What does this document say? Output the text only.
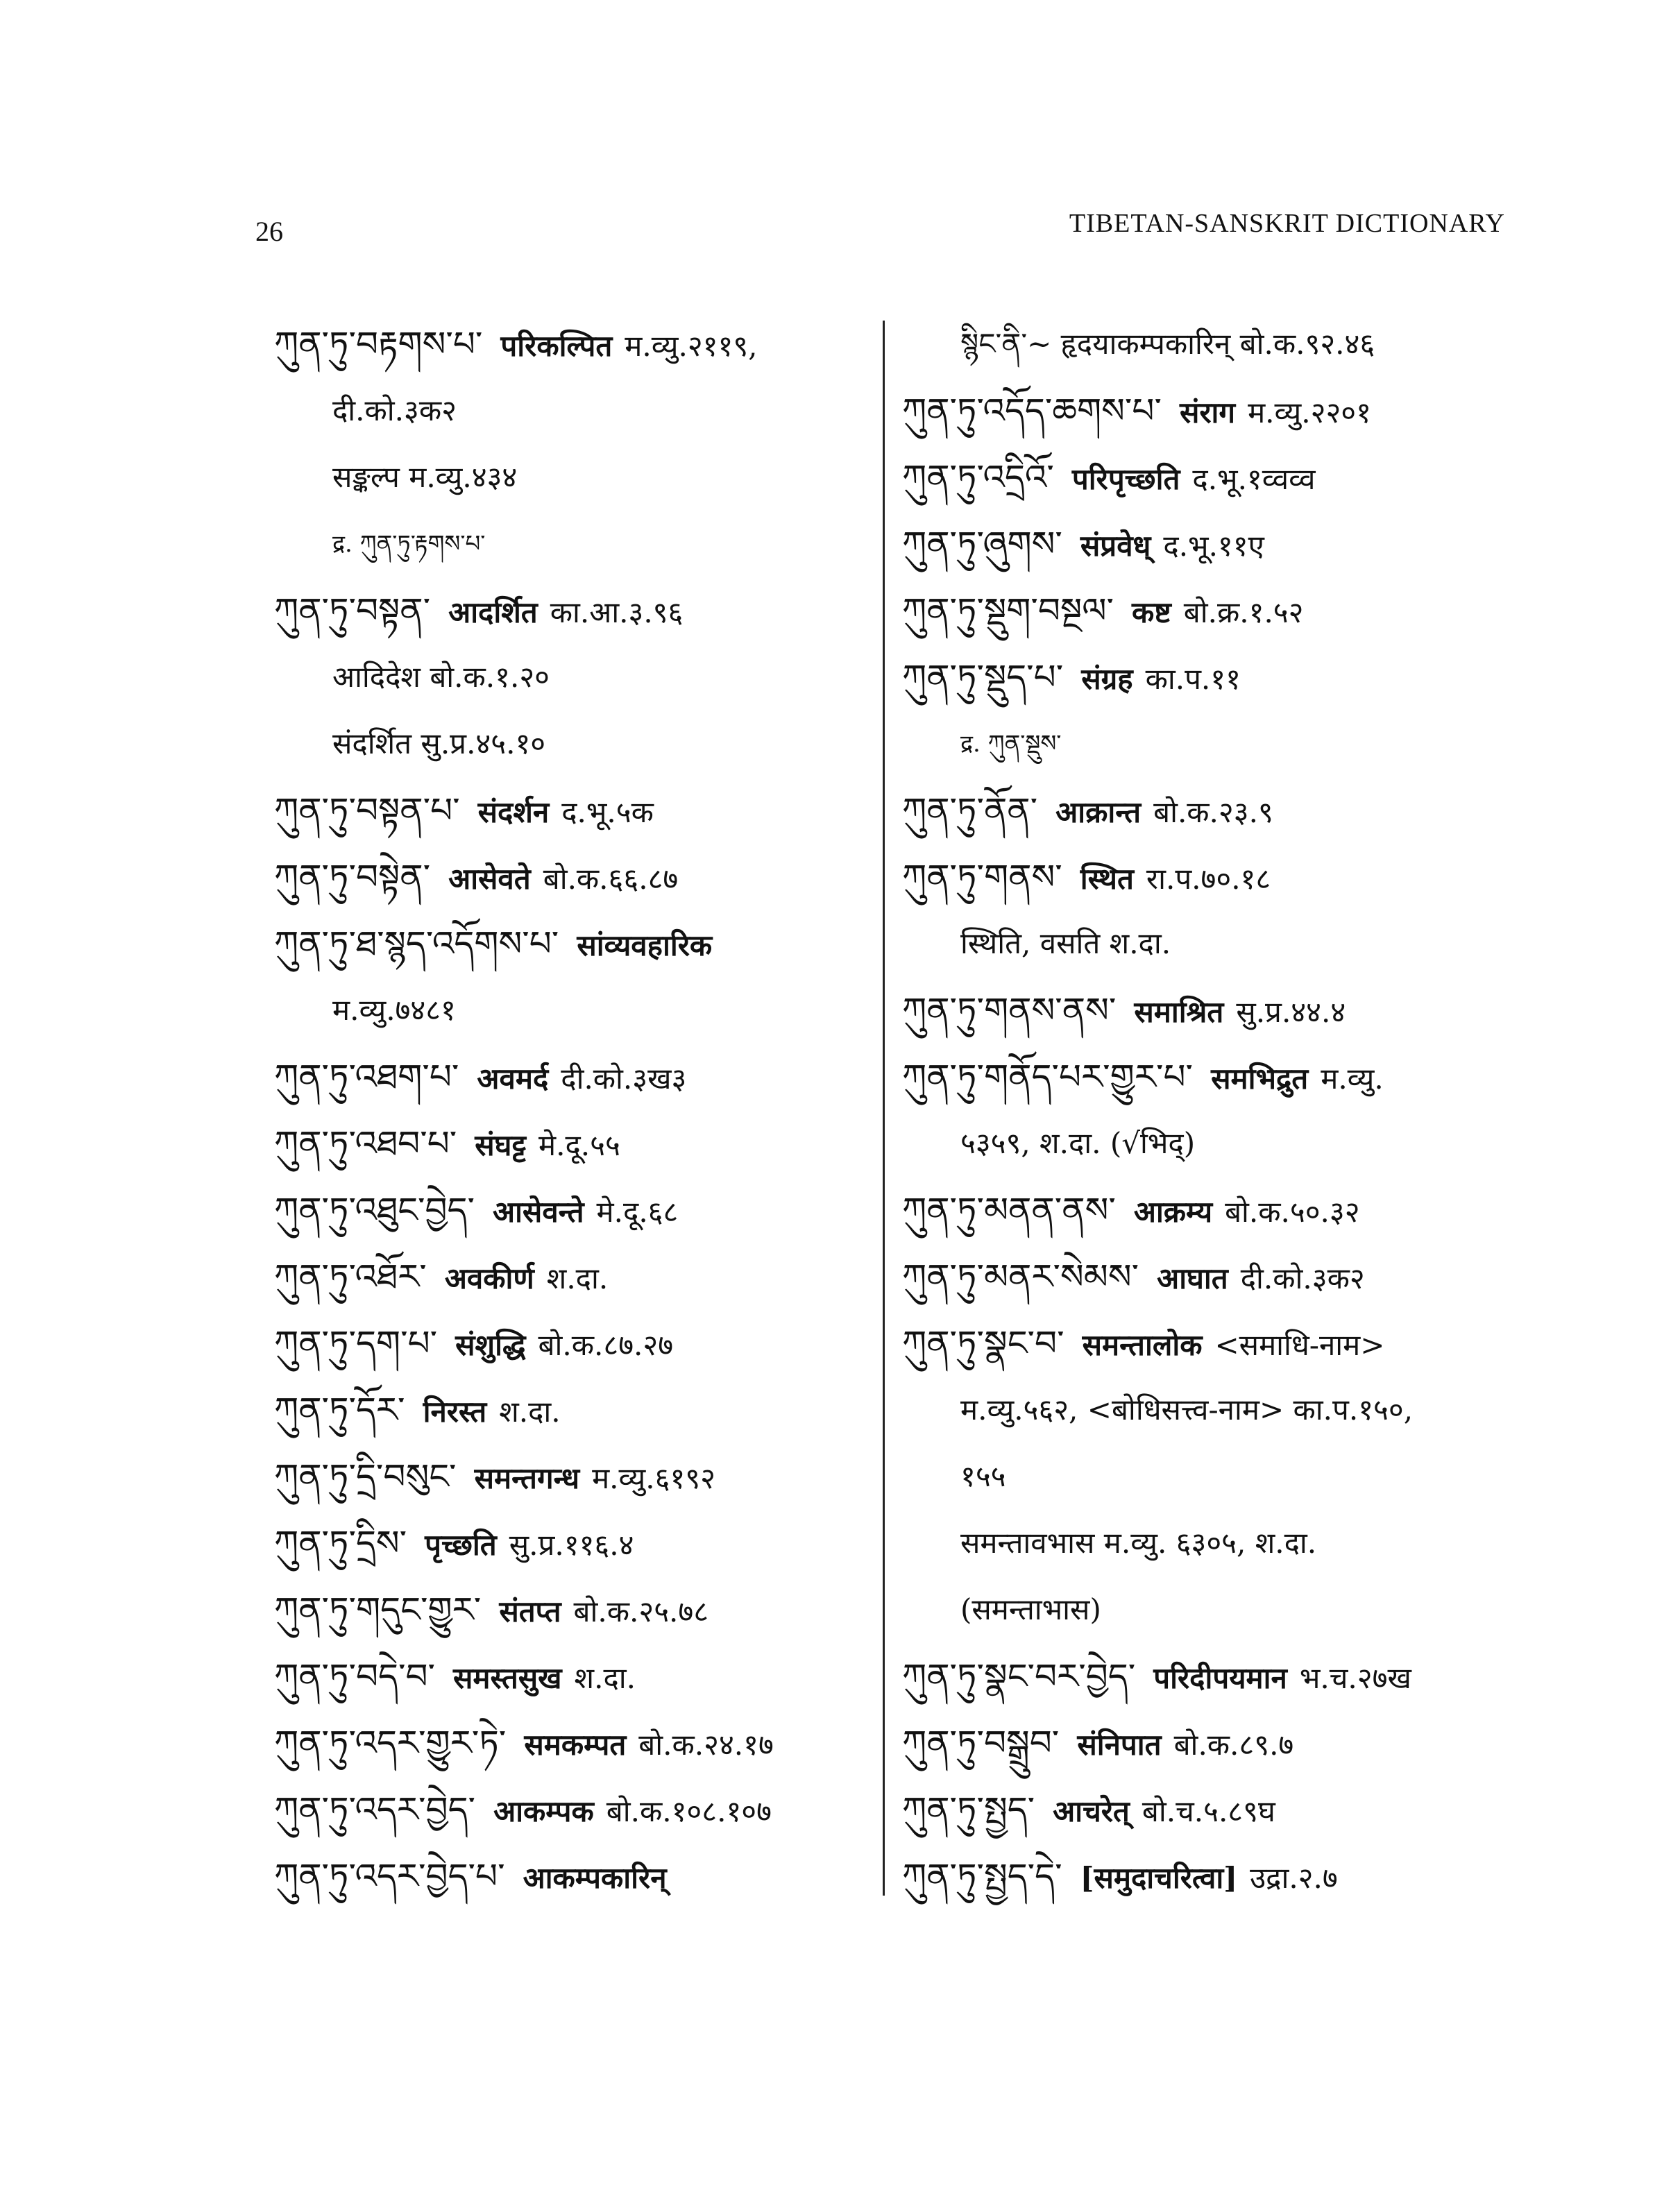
26	TIBETAN-SANSKRIT DICTIONARY
ཀུན་ཏུ་བརྟགས་པ་ परिकल्पित म.व्यु.२११९,
दी.को.३क२
सङ्कल्प म.व्यु.४३४
द्र. ཀུན་ཏུ་རྟགས་པ་
ཀུན་ཏུ་བསྟན་ आदर्शित का.आ.३.९६
आदिदेश बो.क.१.२०
संदर्शित सु.प्र.४५.१०
ཀུན་ཏུ་བསྟན་པ་ संदर्शन द.भू.५क
ཀུན་ཏུ་བསྟེན་ आसेवते बो.क.६६.८७
ཀུན་ཏུ་ཐ་སྙད་འདོགས་པ་ सांव्यवहारिक
म.व्यु.७४८१
ཀུན་ཏུ་འཐག་པ་ अवमर्द दी.को.३ख३
ཀུན་ཏུ་འཐབ་པ་ संघट्ट मे.दू.५५
ཀུན་ཏུ་འཐུང་བྱེད་ आसेवन्ते मे.दू.६८
ཀུན་ཏུ་འཐོར་ अवकीर्ण श.दा.
ཀུན་ཏུ་དག་པ་ संशुद्धि बो.क.८७.२७
ཀུན་ཏུ་དོར་ निरस्त श.दा.
ཀུན་ཏུ་དྲི་བསུང་ समन्तगन्ध म.व्यु.६१९२
ཀུན་ཏུ་དྲིས་ पृच्छति सु.प्र.११६.४
ཀུན་ཏུ་གདུང་གྱུར་ संतप्त बो.क.२५.७८
ཀུན་ཏུ་བདེ་བ་ समस्तसुख श.दा.
ཀུན་ཏུ་འདར་གྱུར་ཏེ་ समकम्पत बो.क.२४.१७
ཀུན་ཏུ་འདར་བྱེད་ आकम्पक बो.क.१०८.१०७
ཀུན་ཏུ་འདར་བྱེད་པ་ आकम्पकारिन्
སྙིང་ནི་~ हृदयाकम्पकारिन् बो.क.९२.४६
ཀུན་ཏུ་འདོད་ཆགས་པ་ संराग म.व्यु.२२०१
ཀུན་ཏུ་འདྲིའོ་ परिपृच्छति द.भू.१व्वव्व
ཀུན་ཏུ་ཞུགས་ संप्रवेध् द.भू.११ए
ཀུན་ཏུ་སྡུག་བསྔལ་ कष्ट बो.क्र.१.५२
ཀུན་ཏུ་སྡུད་པ་ संग्रह का.प.११
द्र. ཀུན་སྡུས་
ཀུན་ཏུ་ནོན་ आक्रान्त बो.क.२३.९
ཀུན་ཏུ་གནས་ स्थित रा.प.७०.१८
स्थिति, वसति श.दा.
ཀུན་ཏུ་གནས་ནས་ समाश्रित सु.प्र.४४.४
ཀུན་ཏུ་གནོད་པར་གྱུར་པ་ समभिद्रुत म.व्यु.
५३५९, श.दा. (√भिद्)
ཀུན་ཏུ་མནན་ནས་ आक्रम्य बो.क.५०.३२
ཀུན་ཏུ་མནར་སེམས་ आघात दी.को.३क२
ཀུན་ཏུ་སྣང་བ་ समन्तालोक <समाधि-नाम>
म.व्यु.५६२, <बोधिसत्त्व-नाम> का.प.१५०,
१५५
समन्तावभास म.व्यु. ६३०५, श.दा.
(समन्ताभास)
ཀུན་ཏུ་སྣང་བར་བྱེད་ परिदीपयमान भ.च.२७ख
ཀུན་ཏུ་བསྒྲུབ་ संनिपात बो.क.८९.७
ཀུན་ཏུ་སྤྱད་ आचरेत् बो.च.५.८९घ
ཀུན་ཏུ་སྤྱད་དེ་ [समुदाचरित्वा] उद्रा.२.७
